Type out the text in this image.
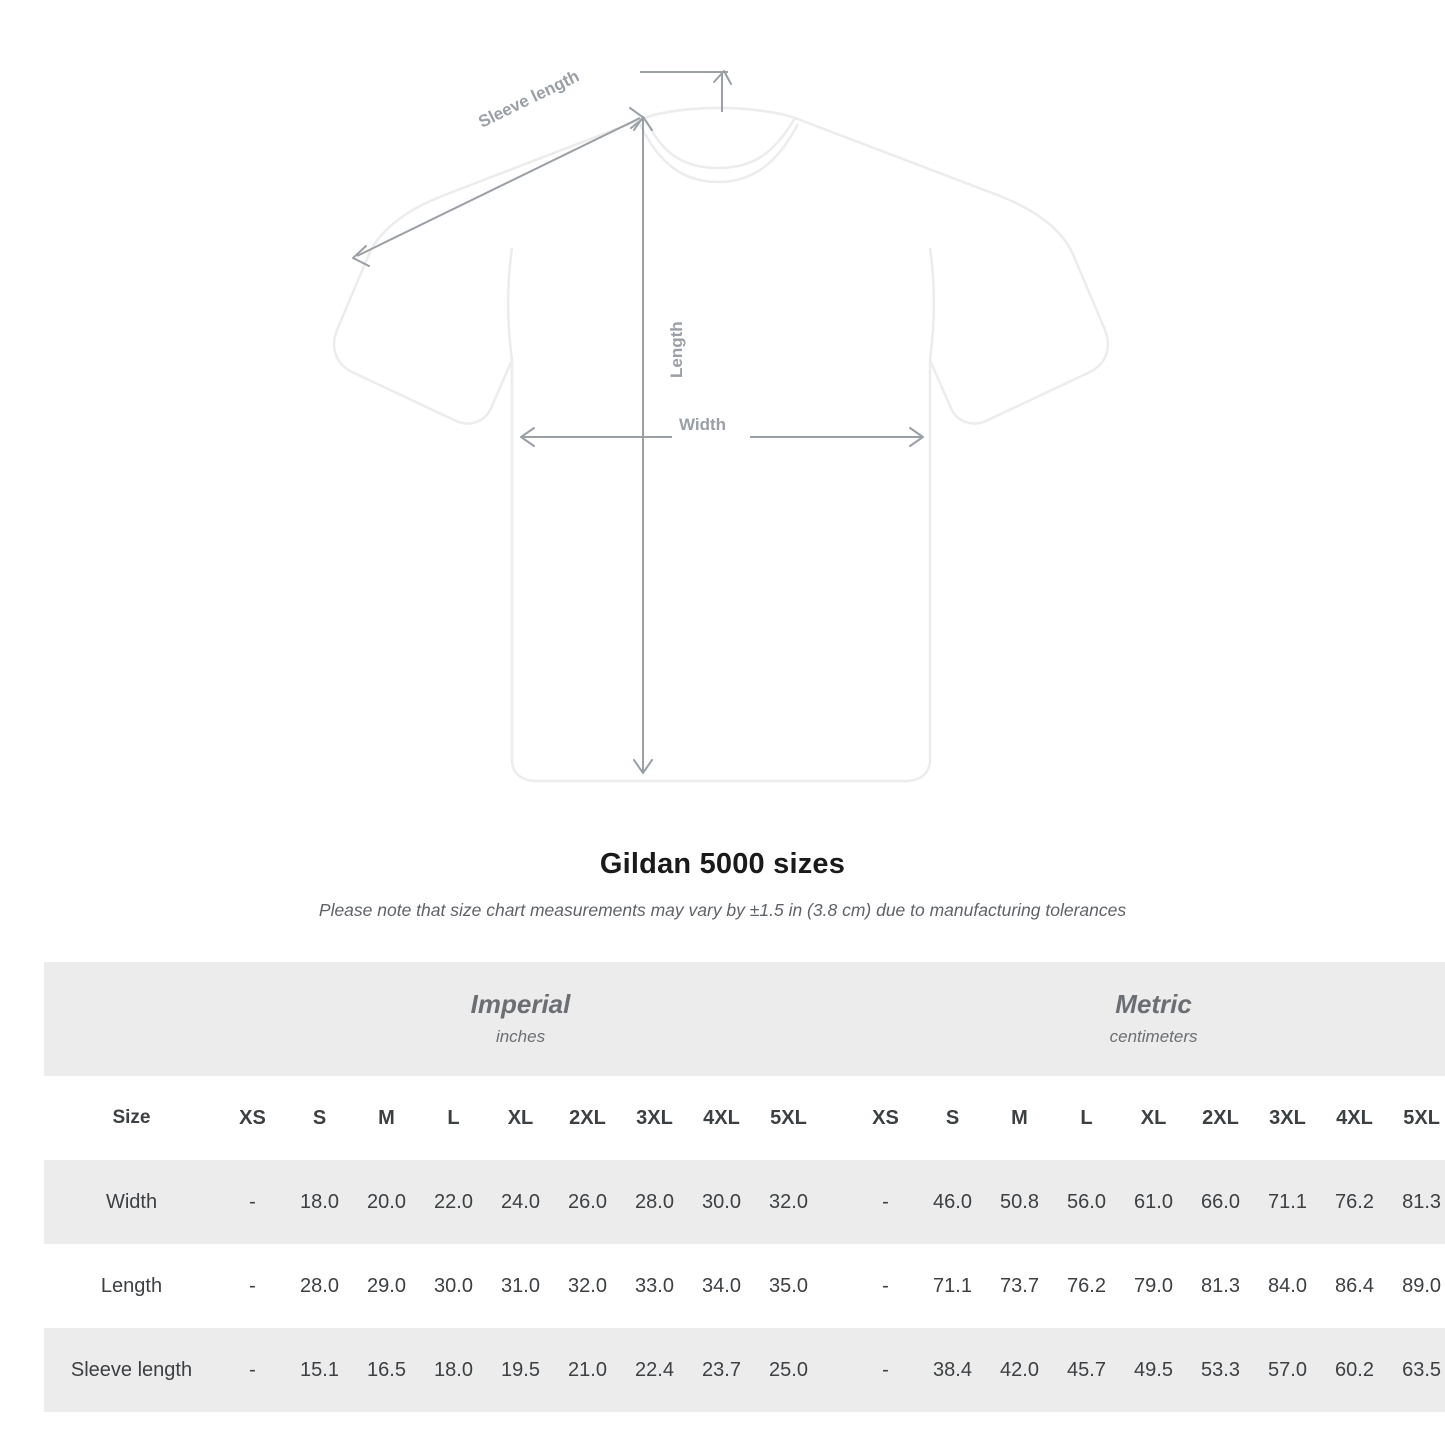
Width
Length
Sleeve length
Gildan 5000 sizes

Please note that size chart measurements may vary by ±1.5 in (3.8 cm) due to manufacturing tolerances

Imperial
inches

Metric
centimeters

Size	XS	S	M	L	XL	2XL	3XL	4XL	5XL		XS	S	M	L	XL	2XL	3XL	4XL	5XL
Width	-	18.0	20.0	22.0	24.0	26.0	28.0	30.0	32.0		-	46.0	50.8	56.0	61.0	66.0	71.1	76.2	81.3
Length	-	28.0	29.0	30.0	31.0	32.0	33.0	34.0	35.0		-	71.1	73.7	76.2	79.0	81.3	84.0	86.4	89.0
Sleeve length	-	15.1	16.5	18.0	19.5	21.0	22.4	23.7	25.0		-	38.4	42.0	45.7	49.5	53.3	57.0	60.2	63.5
